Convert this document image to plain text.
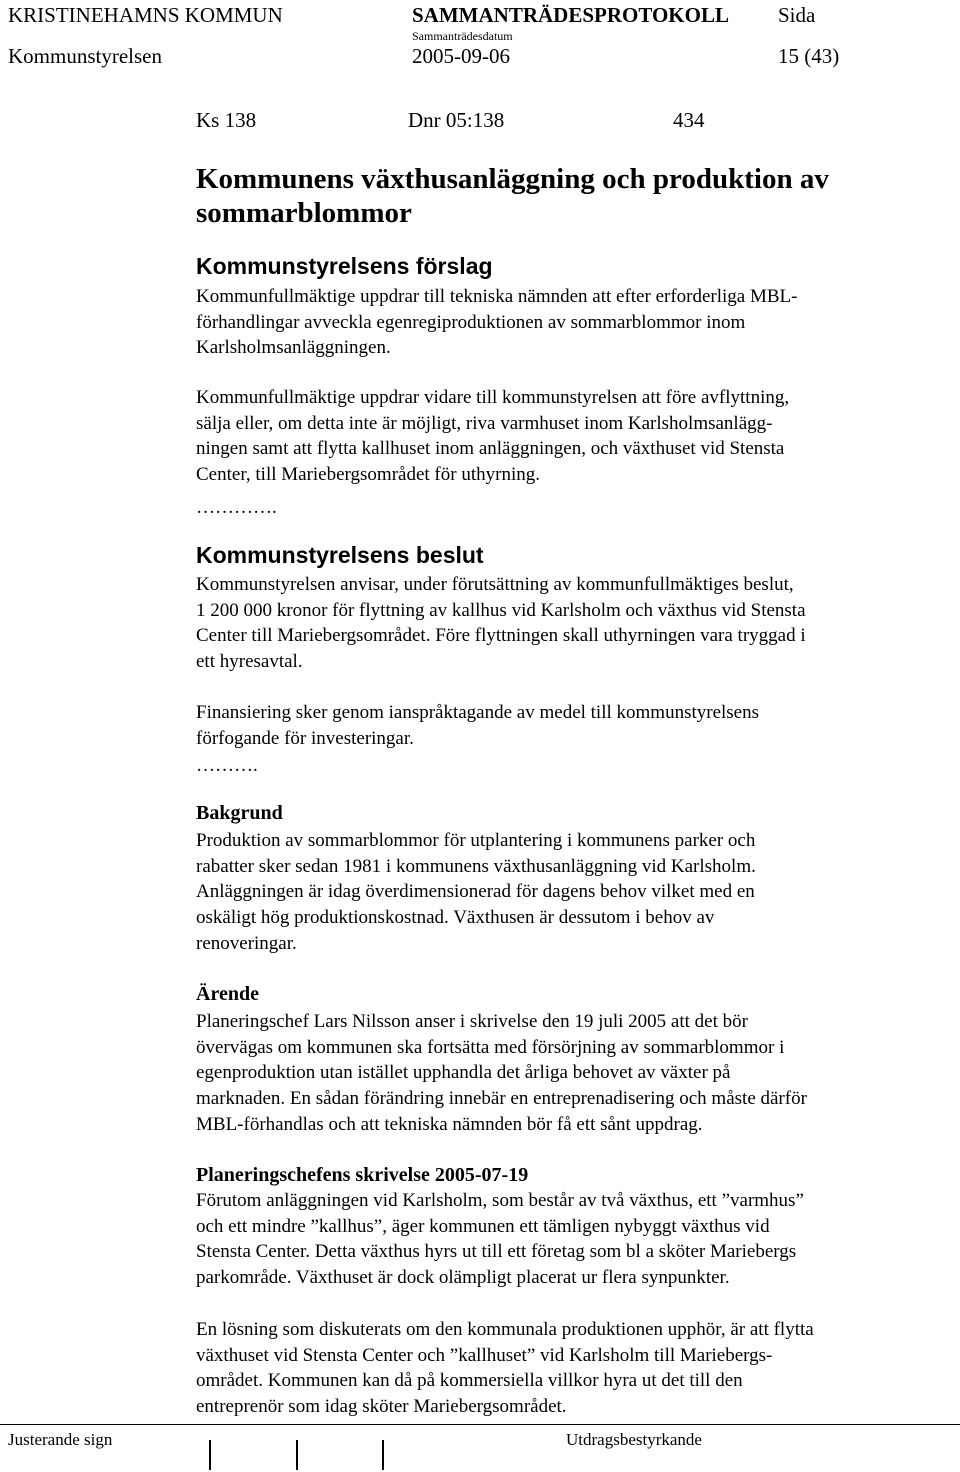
KRISTINEHAMNS KOMMUN	SAMMANTRÄDESPROTOKOLL Sida
Sammanträdesdatum
Kommunstyrelsen	2005-09-06	15 (43)
Ks 138	Dnr 05:138	434
Kommunens växthusanläggning och produktion av
sommarblommor
Kommunstyrelsens förslag
Kommunfullmäktige uppdrar till tekniska nämnden att efter erforderliga MBL-
förhandlingar avveckla egenregiproduktionen av sommarblommor inom
Karlsholmsanläggningen.
Kommunfullmäktige uppdrar vidare till kommunstyrelsen att före avflyttning,
sälja eller, om detta inte är möjligt, riva varmhuset inom Karlsholmsanlägg-
ningen samt att flytta kallhuset inom anläggningen, och växthuset vid Stensta
Center, till Mariebergsområdet för uthyrning.
………….
Kommunstyrelsens beslut
Kommunstyrelsen anvisar, under förutsättning av kommunfullmäktiges beslut,
1 200 000 kronor för flyttning av kallhus vid Karlsholm och växthus vid Stensta
Center till Mariebergsområdet. Före flyttningen skall uthyrningen vara tryggad i
ett hyresavtal.
Finansiering sker genom ianspråktagande av medel till kommunstyrelsens
förfogande för investeringar.
……….
Bakgrund
Produktion av sommarblommor för utplantering i kommunens parker och
rabatter sker sedan 1981 i kommunens växthusanläggning vid Karlsholm.
Anläggningen är idag överdimensionerad för dagens behov vilket med en
oskäligt hög produktionskostnad. Växthusen är dessutom i behov av
renoveringar.
Ärende
Planeringschef Lars Nilsson anser i skrivelse den 19 juli 2005 att det bör
övervägas om kommunen ska fortsätta med försörjning av sommarblommor i
egenproduktion utan istället upphandla det årliga behovet av växter på
marknaden. En sådan förändring innebär en entreprenadisering och måste därför
MBL-förhandlas och att tekniska nämnden bör få ett sånt uppdrag.
Planeringschefens skrivelse 2005-07-19
Förutom anläggningen vid Karlsholm, som består av två växthus, ett ”varmhus”
och ett mindre ”kallhus”, äger kommunen ett tämligen nybyggt växthus vid
Stensta Center. Detta växthus hyrs ut till ett företag som bl a sköter Mariebergs
parkområde. Växthuset är dock olämpligt placerat ur flera synpunkter.
En lösning som diskuterats om den kommunala produktionen upphör, är att flytta
växthuset vid Stensta Center och ”kallhuset” vid Karlsholm till Mariebergs-
området. Kommunen kan då på kommersiella villkor hyra ut det till den
entreprenör som idag sköter Mariebergsområdet.
Justerande sign	Utdragsbestyrkande
